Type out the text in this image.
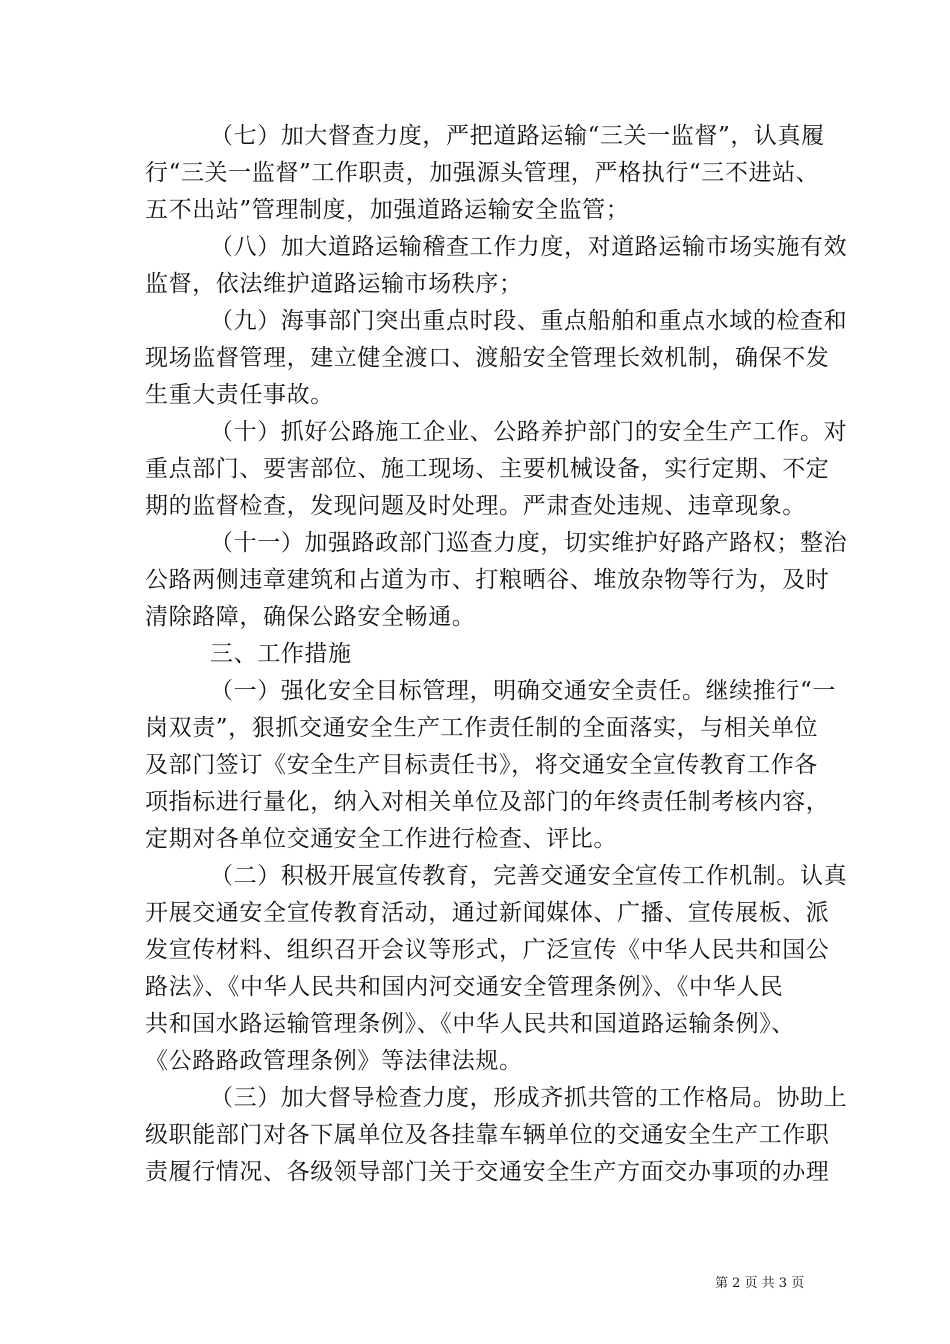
（七）加大督查力度，严把道路运输“三关一监督”，认真履
行“三关一监督”工作职责，加强源头管理，严格执行“三不进站、
五不出站”管理制度，加强道路运输安全监管；
（八）加大道路运输稽查工作力度，对道路运输市场实施有效
监督，依法维护道路运输市场秩序；
（九）海事部门突出重点时段、重点船舶和重点水域的检查和
现场监督管理，建立健全渡口、渡船安全管理长效机制，确保不发
生重大责任事故。
（十）抓好公路施工企业、公路养护部门的安全生产工作。对
重点部门、要害部位、施工现场、主要机械设备，实行定期、不定
期的监督检查，发现问题及时处理。严肃查处违规、违章现象。
（十一）加强路政部门巡查力度，切实维护好路产路权；整治
公路两侧违章建筑和占道为市、打粮晒谷、堆放杂物等行为，及时
清除路障，确保公路安全畅通。
三、工作措施
（一）强化安全目标管理，明确交通安全责任。继续推行“一
岗双责”，狠抓交通安全生产工作责任制的全面落实，与相关单位
及部门签订《安全生产目标责任书》，将交通安全宣传教育工作各
项指标进行量化，纳入对相关单位及部门的年终责任制考核内容，
定期对各单位交通安全工作进行检查、评比。
（二）积极开展宣传教育，完善交通安全宣传工作机制。认真
开展交通安全宣传教育活动，通过新闻媒体、广播、宣传展板、派
发宣传材料、组织召开会议等形式，广泛宣传《中华人民共和国公
路法》、《中华人民共和国内河交通安全管理条例》、《中华人民
共和国水路运输管理条例》、《中华人民共和国道路运输条例》、
《公路路政管理条例》等法律法规。
（三）加大督导检查力度，形成齐抓共管的工作格局。协助上
级职能部门对各下属单位及各挂靠车辆单位的交通安全生产工作职
责履行情况、各级领导部门关于交通安全生产方面交办事项的办理
第 2 页 共 3 页
